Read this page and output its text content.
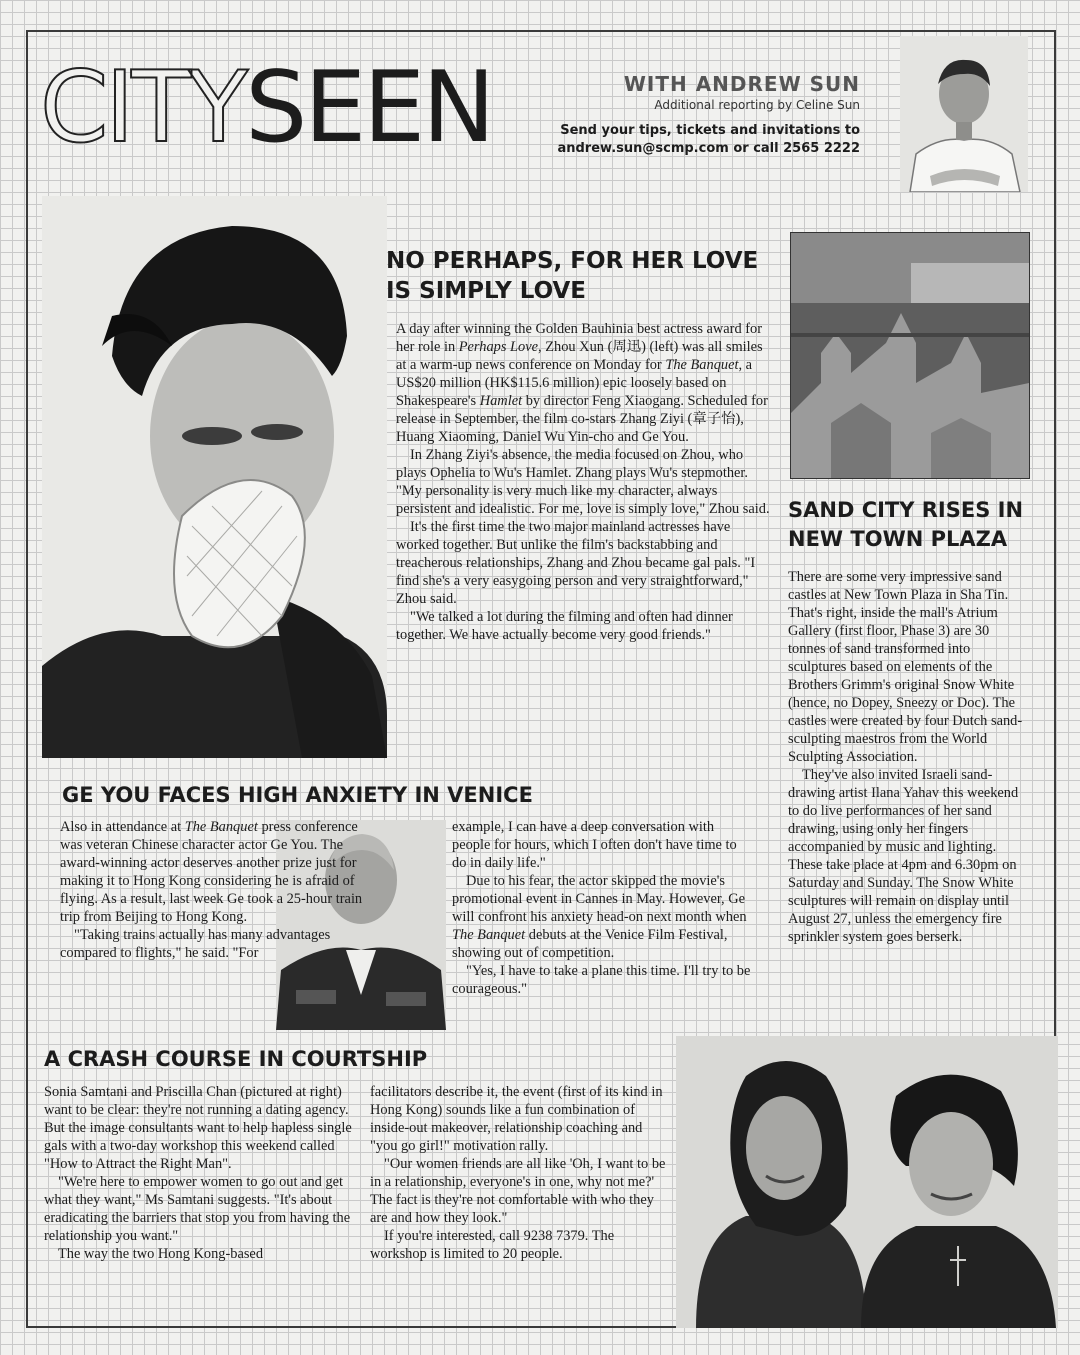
CITYSEEN	WITH ANDREW SUN
Additional reporting by Celine Sun
Send your tips, tickets and invitations to
andrew.sun@scmp.com or call 2565 2222
NO PERHAPS, FOR HER LOVE IS SIMPLY LOVE

A day after winning the Golden Bauhinia best actress award for her role in Perhaps Love, Zhou Xun (周迅) (left) was all smiles at a warm-up news conference on Monday for The Banquet, a US$20 million (HK$115.6 million) epic loosely based on Shakespeare's Hamlet by director Feng Xiaogang. Scheduled for release in September, the film co-stars Zhang Ziyi (章子怡), Huang Xiaoming, Daniel Wu Yin-cho and Ge You.

In Zhang Ziyi's absence, the media focused on Zhou, who plays Ophelia to Wu's Hamlet. Zhang plays Wu's stepmother. "My personality is very much like my character, always persistent and idealistic. For me, love is simply love," Zhou said.

It's the first time the two major mainland actresses have worked together. But unlike the film's backstabbing and treacherous relationships, Zhang and Zhou became gal pals. "I find she's a very easygoing person and very straightforward," Zhou said.

"We talked a lot during the filming and often had dinner together. We have actually become very good friends."

GE YOU FACES HIGH ANXIETY IN VENICE

Also in attendance at The Banquet press conference was veteran Chinese character actor Ge You. The award-winning actor deserves another prize just for making it to Hong Kong considering he is afraid of flying. As a result, last week Ge took a 25-hour train trip from Beijing to Hong Kong.

"Taking trains actually has many advantages compared to flights," he said. "For

example, I can have a deep conversation with people for hours, which I often don't have time to do in daily life."

Due to his fear, the actor skipped the movie's promotional event in Cannes in May. However, Ge will confront his anxiety head-on next month when The Banquet debuts at the Venice Film Festival, showing out of competition.

"Yes, I have to take a plane this time. I'll try to be courageous."

A CRASH COURSE IN COURTSHIP

Sonia Samtani and Priscilla Chan (pictured at right) want to be clear: they're not running a dating agency. But the image consultants want to help hapless single gals with a two-day workshop this weekend called "How to Attract the Right Man".

"We're here to empower women to go out and get what they want," Ms Samtani suggests. "It's about eradicating the barriers that stop you from having the relationship you want."

The way the two Hong Kong-based

facilitators describe it, the event (first of its kind in Hong Kong) sounds like a fun combination of inside-out makeover, relationship coaching and "you go girl!" motivation rally.

"Our women friends are all like 'Oh, I want to be in a relationship, everyone's in one, why not me?' The fact is they're not comfortable with who they are and how they look."

If you're interested, call 9238 7379. The workshop is limited to 20 people.

SAND CITY RISES IN NEW TOWN PLAZA

There are some very impressive sand castles at New Town Plaza in Sha Tin. That's right, inside the mall's Atrium Gallery (first floor, Phase 3) are 30 tonnes of sand transformed into sculptures based on elements of the Brothers Grimm's original Snow White (hence, no Dopey, Sneezy or Doc). The castles were created by four Dutch sand-sculpting maestros from the World Sculpting Association.

They've also invited Israeli sand-drawing artist Ilana Yahav this weekend to do live performances of her sand drawing, using only her fingers accompanied by music and lighting. These take place at 4pm and 6.30pm on Saturday and Sunday. The Snow White sculptures will remain on display until August 27, unless the emergency fire sprinkler system goes berserk.
